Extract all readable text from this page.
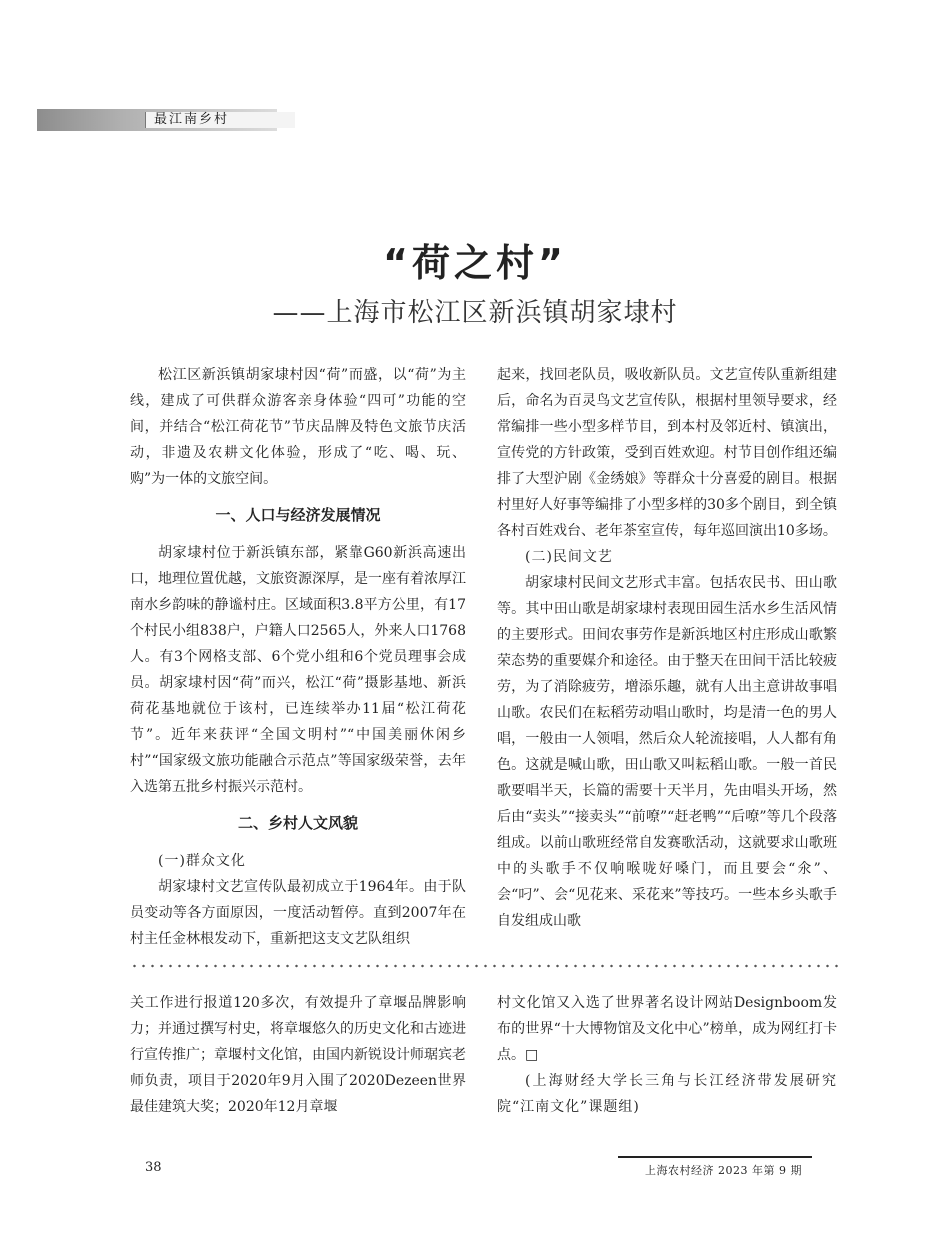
最江南乡村
“荷之村”
——上海市松江区新浜镇胡家埭村

松江区新浜镇胡家埭村因“荷”而盛，以“荷”为主线，建成了可供群众游客亲身体验“四可”功能的空间，并结合“松江荷花节”节庆品牌及特色文旅节庆活动，非遗及农耕文化体验，形成了“吃、喝、玩、购”为一体的文旅空间。

一、人口与经济发展情况

胡家埭村位于新浜镇东部，紧靠G60新浜高速出口，地理位置优越，文旅资源深厚，是一座有着浓厚江南水乡韵味的静谧村庄。区域面积3.8平方公里，有17个村民小组838户，户籍人口2565人，外来人口1768人。有3个网格支部、6个党小组和6个党员理事会成员。胡家埭村因“荷”而兴，松江“荷”摄影基地、新浜荷花基地就位于该村，已连续举办11届“松江荷花节”。近年来获评“全国文明村”“中国美丽休闲乡村”“国家级文旅功能融合示范点”等国家级荣誉，去年入选第五批乡村振兴示范村。

二、乡村人文风貌

(一)群众文化

胡家埭村文艺宣传队最初成立于1964年。由于队员变动等各方面原因，一度活动暂停。直到2007年在村主任金林根发动下，重新把这支文艺队组织

起来，找回老队员，吸收新队员。文艺宣传队重新组建后，命名为百灵鸟文艺宣传队，根据村里领导要求，经常编排一些小型多样节目，到本村及邻近村、镇演出，宣传党的方针政策，受到百姓欢迎。村节目创作组还编排了大型沪剧《金绣娘》等群众十分喜爱的剧目。根据村里好人好事等编排了小型多样的30多个剧目，到全镇各村百姓戏台、老年茶室宣传，每年巡回演出10多场。

(二)民间文艺

胡家埭村民间文艺形式丰富。包括农民书、田山歌等。其中田山歌是胡家埭村表现田园生活水乡生活风情的主要形式。田间农事劳作是新浜地区村庄形成山歌繁荣态势的重要媒介和途径。由于整天在田间干活比较疲劳，为了消除疲劳，增添乐趣，就有人出主意讲故事唱山歌。农民们在耘稻劳动唱山歌时，均是清一色的男人唱，一般由一人领唱，然后众人轮流接唱，人人都有角色。这就是喊山歌，田山歌又叫耘稻山歌。一般一首民歌要唱半天，长篇的需要十天半月，先由唱头开场，然后由“卖头”“接卖头”“前嘹”“赶老鸭”“后嘹”等几个段落组成。以前山歌班经常自发赛歌活动，这就要求山歌班中的头歌手不仅响喉咙好嗓门，而且要会“氽”、会“叼”、会“见花来、采花来”等技巧。一些本乡头歌手自发组成山歌

关工作进行报道120多次，有效提升了章堰品牌影响力；并通过撰写村史，将章堰悠久的历史文化和古迹进行宣传推广；章堰村文化馆，由国内新锐设计师琚宾老师负责，项目于2020年9月入围了2020Dezeen世界最佳建筑大奖；2020年12月章堰

村文化馆又入选了世界著名设计网站Designboom发布的世界“十大博物馆及文化中心”榜单，成为网红打卡点。□

(上海财经大学长三角与长江经济带发展研究院“江南文化”课题组)

38	上海农村经济 2023 年第 9 期
